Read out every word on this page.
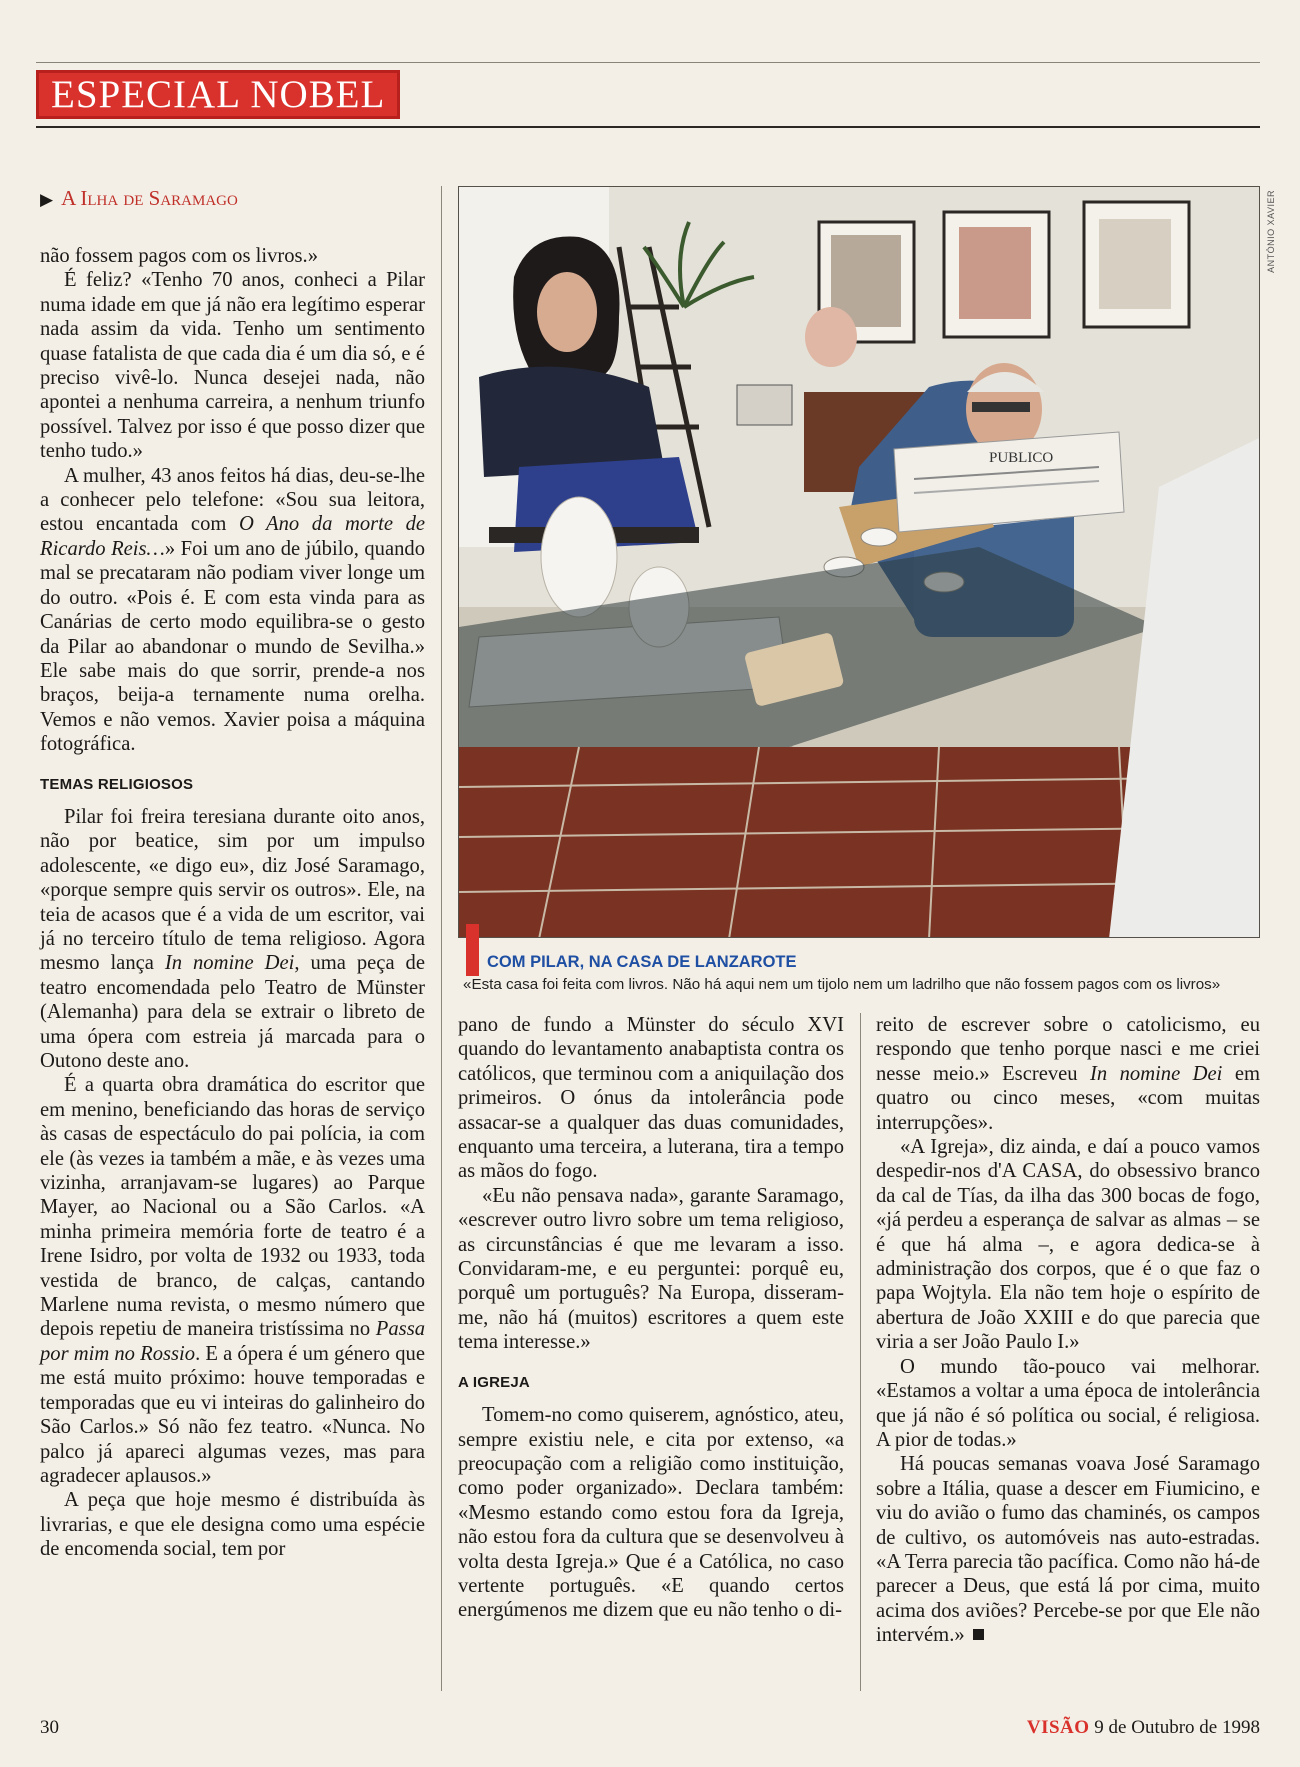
ESPECIAL NOBEL
▶ A Ilha de Saramago

não fossem pagos com os livros.»

É feliz? «Tenho 70 anos, conheci a Pilar numa idade em que já não era legítimo esperar nada assim da vida. Tenho um sentimento quase fatalista de que cada dia é um dia só, e é preciso vivê-lo. Nunca desejei nada, não apontei a nenhuma carreira, a nenhum triunfo possível. Talvez por isso é que posso dizer que tenho tudo.»

A mulher, 43 anos feitos há dias, deu-se-lhe a conhecer pelo telefone: «Sou sua leitora, estou encantada com O Ano da morte de Ricardo Reis…» Foi um ano de júbilo, quando mal se precataram não podiam viver longe um do outro. «Pois é. E com esta vinda para as Canárias de certo modo equilibra-se o gesto da Pilar ao abandonar o mundo de Sevilha.» Ele sabe mais do que sorrir, prende-a nos braços, beija-a ternamente numa orelha. Vemos e não vemos. Xavier poisa a máquina fotográfica.

TEMAS RELIGIOSOS

Pilar foi freira teresiana durante oito anos, não por beatice, sim por um impulso adolescente, «e digo eu», diz José Saramago, «porque sempre quis servir os outros». Ele, na teia de acasos que é a vida de um escritor, vai já no terceiro título de tema religioso. Agora mesmo lança In nomine Dei, uma peça de teatro encomendada pelo Teatro de Münster (Alemanha) para dela se extrair o libreto de uma ópera com estreia já marcada para o Outono deste ano.

É a quarta obra dramática do escritor que em menino, beneficiando das horas de serviço às casas de espectáculo do pai polícia, ia com ele (às vezes ia também a mãe, e às vezes uma vizinha, arranjavam-se lugares) ao Parque Mayer, ao Nacional ou a São Carlos. «A minha primeira memória forte de teatro é a Irene Isidro, por volta de 1932 ou 1933, toda vestida de branco, de calças, cantando Marlene numa revista, o mesmo número que depois repetiu de maneira tristíssima no Passa por mim no Rossio. E a ópera é um género que me está muito próximo: houve temporadas e temporadas que eu vi inteiras do galinheiro do São Carlos.» Só não fez teatro. «Nunca. No palco já apareci algumas vezes, mas para agradecer aplausos.»

A peça que hoje mesmo é distribuída às livrarias, e que ele designa como uma espécie de encomenda social, tem por

PUBLICO
ANTÓNIO XAVIER
COM PILAR, NA CASA DE LANZAROTE
«Esta casa foi feita com livros. Não há aqui nem um tijolo nem um ladrilho que não fossem pagos com os livros»

pano de fundo a Münster do século XVI quando do levantamento anabaptista contra os católicos, que terminou com a aniquilação dos primeiros. O ónus da intolerância pode assacar-se a qualquer das duas comunidades, enquanto uma terceira, a luterana, tira a tempo as mãos do fogo.

«Eu não pensava nada», garante Saramago, «escrever outro livro sobre um tema religioso, as circunstâncias é que me levaram a isso. Convidaram-me, e eu perguntei: porquê eu, porquê um português? Na Europa, disseram-me, não há (muitos) escritores a quem este tema interesse.»

A IGREJA

Tomem-no como quiserem, agnóstico, ateu, sempre existiu nele, e cita por extenso, «a preocupação com a religião como instituição, como poder organizado». Declara também: «Mesmo estando como estou fora da Igreja, não estou fora da cultura que se desenvolveu à volta desta Igreja.» Que é a Católica, no caso vertente português. «E quando certos energúmenos me dizem que eu não tenho o di-

reito de escrever sobre o catolicismo, eu respondo que tenho porque nasci e me criei nesse meio.» Escreveu In nomine Dei em quatro ou cinco meses, «com muitas interrupções».

«A Igreja», diz ainda, e daí a pouco vamos despedir-nos d'A CASA, do obsessivo branco da cal de Tías, da ilha das 300 bocas de fogo, «já perdeu a esperança de salvar as almas – se é que há alma –, e agora dedica-se à administração dos corpos, que é o que faz o papa Wojtyla. Ela não tem hoje o espírito de abertura de João XXIII e do que parecia que viria a ser João Paulo I.»

O mundo tão-pouco vai melhorar. «Estamos a voltar a uma época de intolerância que já não é só política ou social, é religiosa. A pior de todas.»

Há poucas semanas voava José Saramago sobre a Itália, quase a descer em Fiumicino, e viu do avião o fumo das chaminés, os campos de cultivo, os automóveis nas auto-estradas. «A Terra parecia tão pacífica. Como não há-de parecer a Deus, que está lá por cima, muito acima dos aviões? Percebe-se por que Ele não intervém.»

30	VISÃO 9 de Outubro de 1998
